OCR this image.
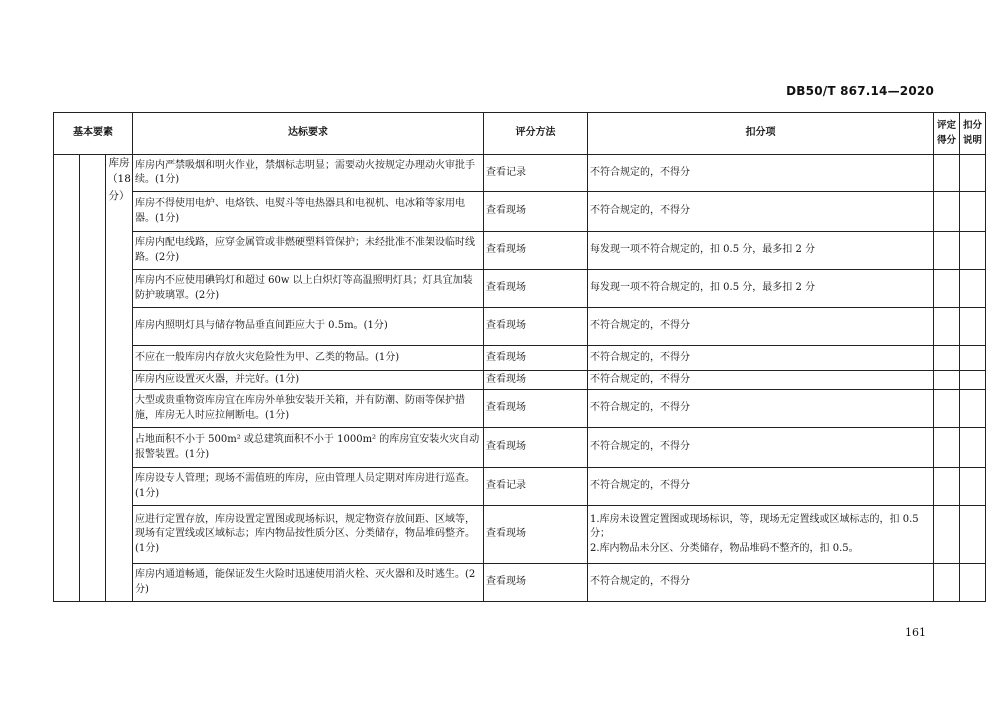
DB50/T 867.14—2020
基本要素			达标要求	评分方法	扣分项	评定得分	扣分说明
		库房（18分）	库房内严禁吸烟和明火作业，禁烟标志明显；需要动火按规定办理动火审批手续。(1分)	查看记录	不符合规定的，不得分		
			库房不得使用电炉、电烙铁、电熨斗等电热器具和电视机、电冰箱等家用电器。(1分)	查看现场	不符合规定的，不得分		
			库房内配电线路，应穿金属管或非燃硬塑料管保护；未经批准不准架设临时线路。(2分)	查看现场	每发现一项不符合规定的，扣 0.5 分，最多扣 2 分		
			库房内不应使用碘钨灯和超过 60w 以上白炽灯等高温照明灯具；灯具宜加装防护玻璃罩。(2分)	查看现场	每发现一项不符合规定的，扣 0.5 分，最多扣 2 分		
			库房内照明灯具与储存物品垂直间距应大于 0.5m。(1分)	查看现场	不符合规定的，不得分		
			不应在一般库房内存放火灾危险性为甲、乙类的物品。(1分)	查看现场	不符合规定的，不得分		
			库房内应设置灭火器，并完好。(1分)	查看现场	不符合规定的，不得分		
			大型或贵重物资库房宜在库房外单独安装开关箱，并有防潮、防雨等保护措施，库房无人时应拉闸断电。(1分)	查看现场	不符合规定的，不得分		
			占地面积不小于 500m² 或总建筑面积不小于 1000m² 的库房宜安装火灾自动报警装置。(1分)	查看现场	不符合规定的，不得分		
			库房设专人管理；现场不需值班的库房，应由管理人员定期对库房进行巡查。(1分)	查看记录	不符合规定的，不得分		
			应进行定置存放，库房设置定置图或现场标识，规定物资存放间距、区域等，现场有定置线或区域标志；库内物品按性质分区、分类储存，物品堆码整齐。(1分)	查看现场	1.库房未设置定置图或现场标识，等，现场无定置线或区域标志的，扣 0.5 分；
2.库内物品未分区、分类储存，物品堆码不整齐的，扣 0.5。		

			库房内通道畅通，能保证发生火险时迅速使用消火栓、灭火器和及时逃生。(2分)	查看现场	不符合规定的，不得分		
161
